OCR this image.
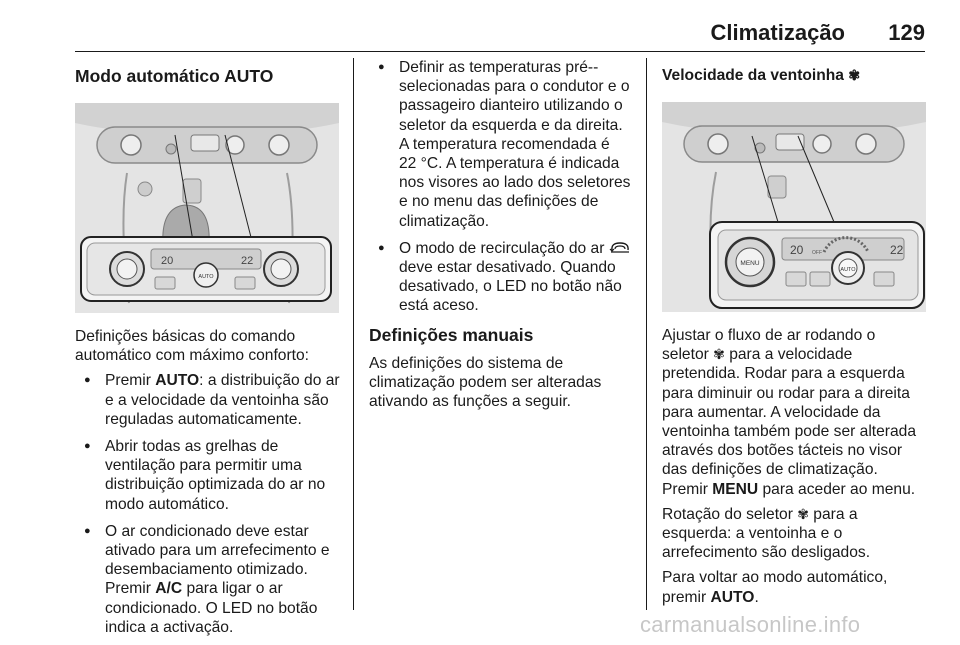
Climatização 129
Modo automático AUTO
20	22
AUTO

Definições básicas do comando automático com máximo conforto:

● Premir AUTO: a distribuição do ar e a velocidade da ventoinha são reguladas automaticamente.
● Abrir todas as grelhas de ventilação para permitir uma distribuição optimizada do ar no modo automático.
● O ar condicionado deve estar ativado para um arrefecimento e desembaciamento otimizado. Premir A/C para ligar o ar condicionado. O LED no botão indica a activação.
● Definir as temperaturas pré--selecionadas para o condutor e o passageiro dianteiro utilizando o seletor da esquerda e da direita. A temperatura recomendada é 22 °C. A temperatura é indicada nos visores ao lado dos seletores e no menu das definições de climatização.
● O modo de recirculação do ar  deve estar desativado. Quando desativado, o LED no botão não está aceso.
Definições manuais

As definições do sistema de climatização podem ser alteradas ativando as funções a seguir.

Velocidade da ventoinha ✾
MENU
20	22
OFF
AUTO

Ajustar o fluxo de ar rodando o seletor ✾ para a velocidade pretendida. Rodar para a esquerda para diminuir ou rodar para a direita para aumentar. A velocidade da ventoinha também pode ser alterada através dos botões tácteis no visor das definições de climatização. Premir MENU para aceder ao menu.

Rotação do seletor ✾ para a esquerda: a ventoinha e o arrefecimento são desligados.

Para voltar ao modo automático, premir AUTO.

carmanualsonline.info
